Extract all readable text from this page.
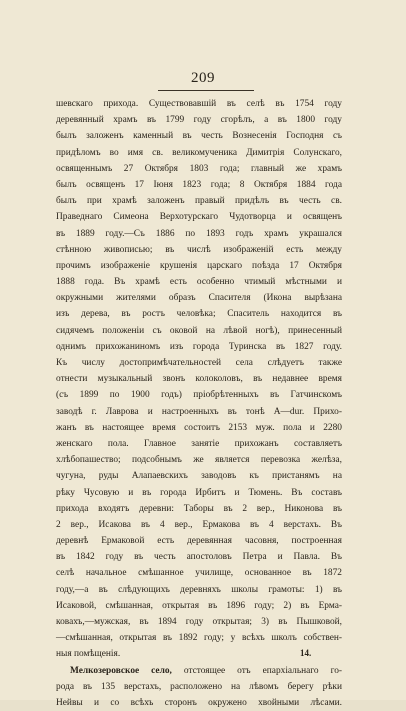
209
шевскаго прихода. Существовавшій въ селѣ въ 1754 году
деревянный храмъ въ 1799 году сгорѣлъ, а въ 1800 году
былъ заложенъ каменный въ честь Вознесенія Господня съ
придѣломъ во имя св. великомученика Димитрія Солунскаго,
освященнымъ 27 Октября 1803 года; главный же храмъ
былъ освященъ 17 Іюня 1823 года; 8 Октября 1884 года
былъ при храмѣ заложенъ правый придѣлъ въ честь св.
Праведнаго Симеона Верхотурскаго Чудотворца и освященъ
въ 1889 году.—Съ 1886 по 1893 годъ храмъ украшался
стѣнною живописью; въ числѣ изображеній есть между
прочимъ изображеніе крушенія царскаго поѣзда 17 Октября
1888 года. Въ храмѣ есть особенно чтимый мѣстными и
окружными жителями образъ Спасителя (Икона вырѣзана
изъ дерева, въ ростъ человѣка; Спаситель находится въ
сидячемъ положеніи съ оковой на лѣвой ногѣ), принесенный
однимъ прихожаниномъ изъ города Туринска въ 1827 году.
Къ числу достопримѣчательностей села слѣдуетъ также
отнести музыкальный звонъ колоколовъ, въ недавнее время
(съ 1899 по 1900 годъ) пріобрѣтенныхъ въ Гатчинскомъ
заводѣ г. Лаврова и настроенныхъ въ тонѣ A—dur. Прихо-
жанъ въ настоящее время состоитъ 2153 муж. пола и 2280
женскаго пола. Главное занятіе прихожанъ составляетъ
хлѣбопашество; подсобнымъ же является перевозка желѣза,
чугуна, руды Алапаевскихъ заводовъ къ пристанямъ на
рѣку Чусовую и въ города Ирбитъ и Тюмень. Въ составъ
прихода входятъ деревни: Таборы въ 2 вер., Никонова въ
2 вер., Исакова въ 4 вер., Ермакова въ 4 верстахъ. Въ
деревнѣ Ермаковой есть деревянная часовня, построенная
въ 1842 году въ честь апостоловъ Петра и Павла. Въ
селѣ начальное смѣшанное училище, основанное въ 1872
году,—а въ слѣдующихъ деревняхъ школы грамоты: 1) въ
Исаковой, смѣшанная, открытая въ 1896 году; 2) въ Ерма-
ковахъ,—мужская, въ 1894 году открытая; 3) въ Пышковой,
—смѣшанная, открытая въ 1892 году; у всѣхъ школъ собствен-
ныя помѣщенія.
Мелкозеровское село, отстоящее отъ епархіальнаго го-
рода въ 135 верстахъ, расположено на лѣвомъ берегу рѣки
Нейвы и со всѣхъ сторонъ окружено хвойными лѣсами.
14.
